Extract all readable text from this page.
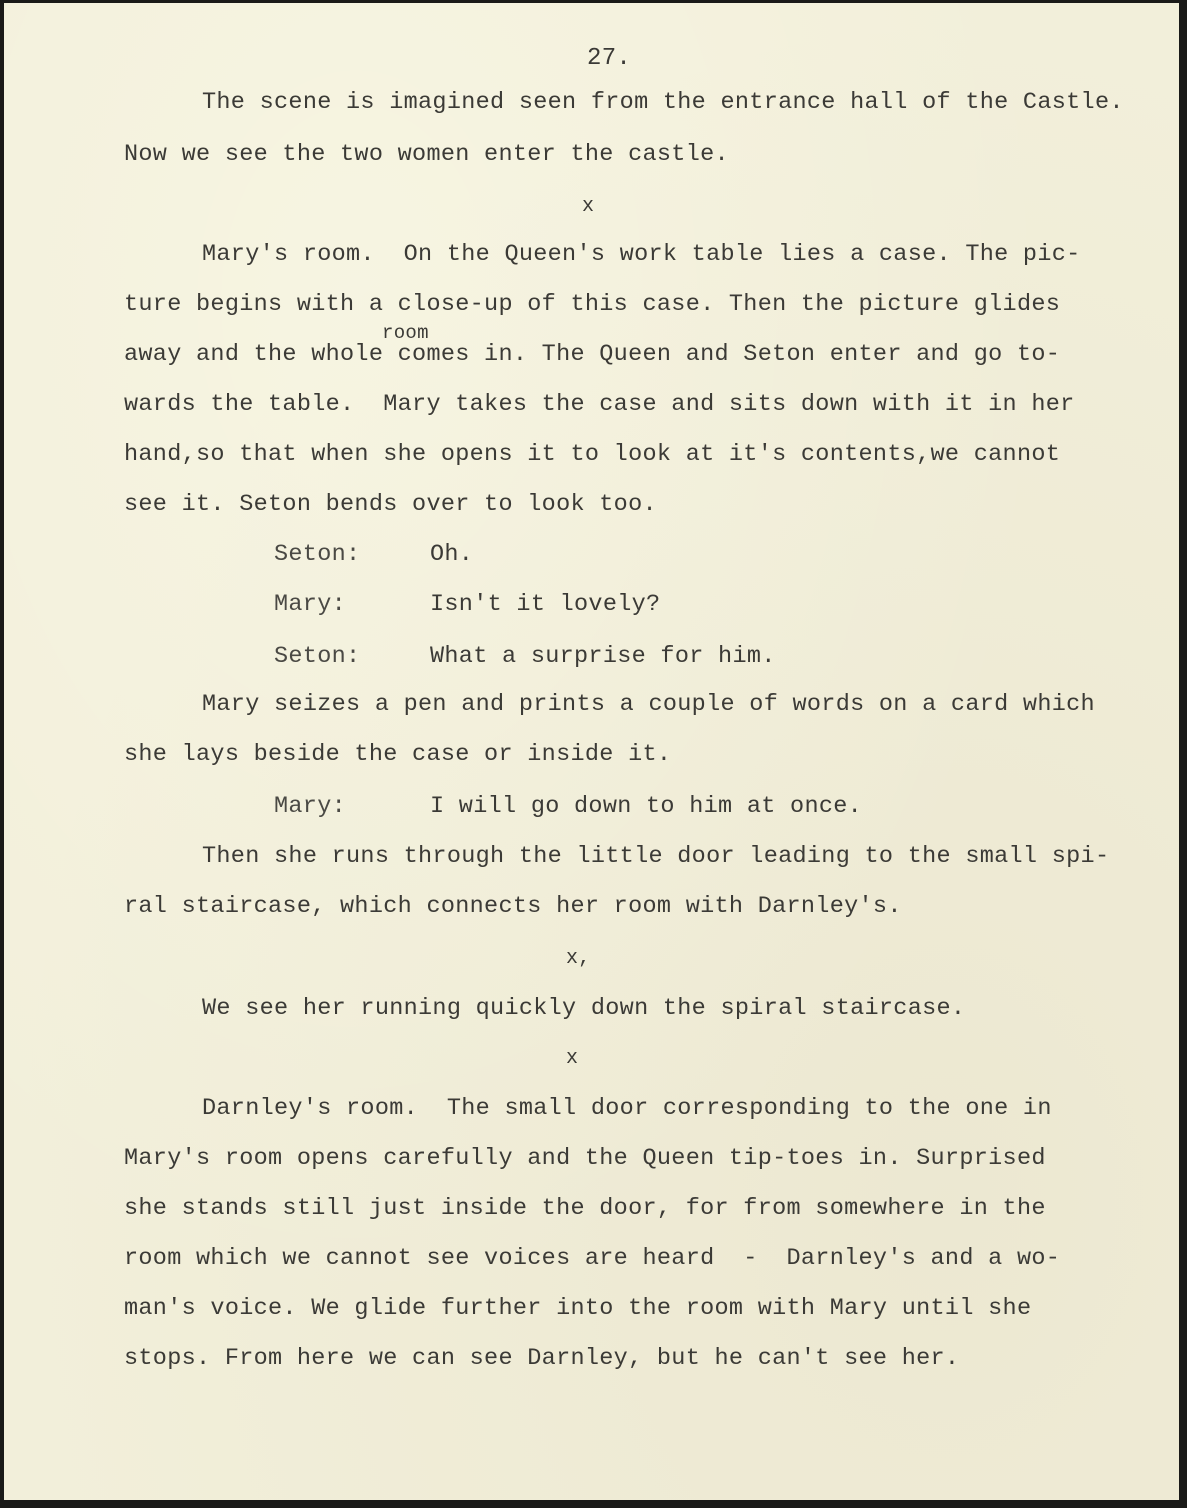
27.
The scene is imagined seen from the entrance hall of the Castle.
Now we see the two women enter the castle.
x
Mary's room.  On the Queen's work table lies a case. The pic-
ture begins with a close-up of this case. Then the picture glides
room
away and the whole comes in. The Queen and Seton enter and go to-
wards the table.  Mary takes the case and sits down with it in her
hand,so that when she opens it to look at it's contents,we cannot
see it. Seton bends over to look too.
Seton:	Oh.
Mary:	Isn't it lovely?
Seton:	What a surprise for him.
Mary seizes a pen and prints a couple of words on a card which
she lays beside the case or inside it.
Mary:	I will go down to him at once.
Then she runs through the little door leading to the small spi-
ral staircase, which connects her room with Darnley's.
x,
We see her running quickly down the spiral staircase.
x
Darnley's room.  The small door corresponding to the one in
Mary's room opens carefully and the Queen tip-toes in. Surprised
she stands still just inside the door, for from somewhere in the
room which we cannot see voices are heard  -  Darnley's and a wo-
man's voice. We glide further into the room with Mary until she
stops. From here we can see Darnley, but he can't see her.
